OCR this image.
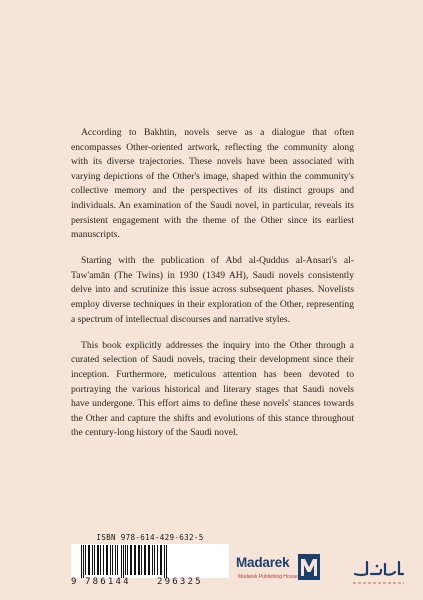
According to Bakhtin, novels serve as a dialogue that often encompasses Other-oriented artwork, reflecting the community along with its diverse trajectories. These novels have been associated with varying depictions of the Other's image, shaped within the community's collective memory and the perspectives of its distinct groups and individuals. An examination of the Saudi novel, in particular, reveals its persistent engagement with the theme of the Other since its earliest manuscripts.

Starting with the publication of Abd al-Quddus al-Ansari's al-Taw'amān (The Twins) in 1930 (1349 AH), Saudi novels consistently delve into and scrutinize this issue across subsequent phases. Novelists employ diverse techniques in their exploration of the Other, representing a spectrum of intellectual discourses and narrative styles.

This book explicitly addresses the inquiry into the Other through a curated selection of Saudi novels, tracing their development since their inception. Furthermore, meticulous attention has been devoted to portraying the various historical and literary stages that Saudi novels have undergone. This effort aims to define these novels' stances towards the Other and capture the shifts and evolutions of this stance throughout the century-long history of the Saudi novel.

ISBN 978-614-429-632-5
9 786144	296325
Madarek
Madarek Publishing House
